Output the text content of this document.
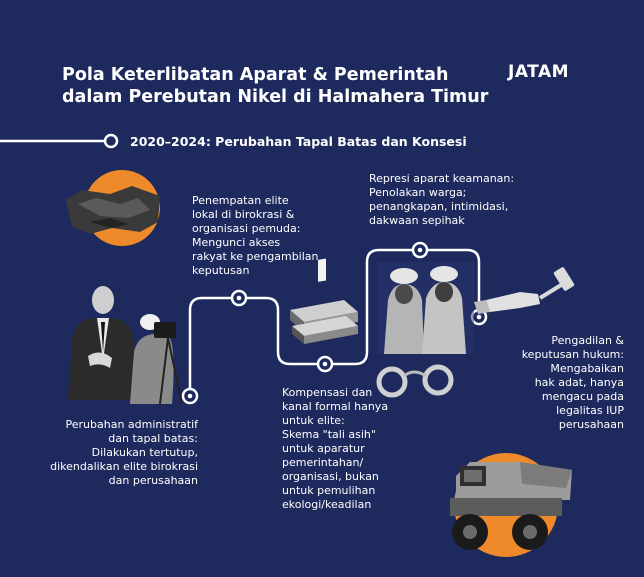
Pola Keterlibatan Aparat & Pemerintah
dalam Perebutan Nikel di Halmahera Timur
JATAM
2020–2024: Perubahan Tapal Batas dan Konsesi
Perubahan administratif
dan tapal batas:
Dilakukan tertutup,
dikendalikan elite birokrasi
dan perusahaan
Penempatan elite
lokal di birokrasi &
organisasi pemuda:
Mengunci akses
rakyat ke pengambilan
keputusan
Kompensasi dan
kanal formal hanya
untuk elite:
Skema "tali asih"
untuk aparatur
pemerintahan/
organisasi, bukan
untuk pemulihan
ekologi/keadilan
Represi aparat keamanan:
Penolakan warga;
penangkapan, intimidasi,
dakwaan sepihak
Pengadilan &
keputusan hukum:
Mengabaikan
hak adat, hanya
mengacu pada
legalitas IUP
perusahaan
